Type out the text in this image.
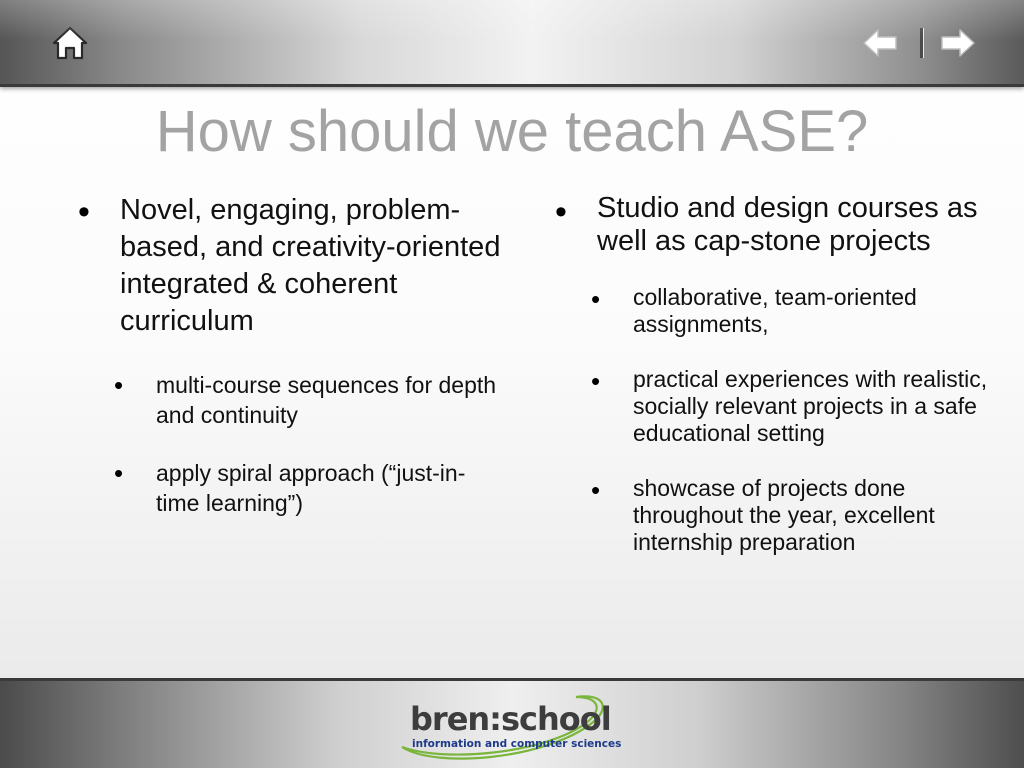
How should we teach ASE?
•	Novel, engaging, problem-based, and creativity-oriented integrated & coherent curriculum
•	multi-course sequences for depth and continuity
•	apply spiral approach (“just-in-time learning”)
•	Studio and design courses as well as cap-stone projects
•	collaborative, team-oriented assignments,
•	practical experiences with realistic, socially relevant projects in a safe educational setting
•	showcase of projects done throughout the year, excellent internship preparation
bren:school
information and computer sciences
